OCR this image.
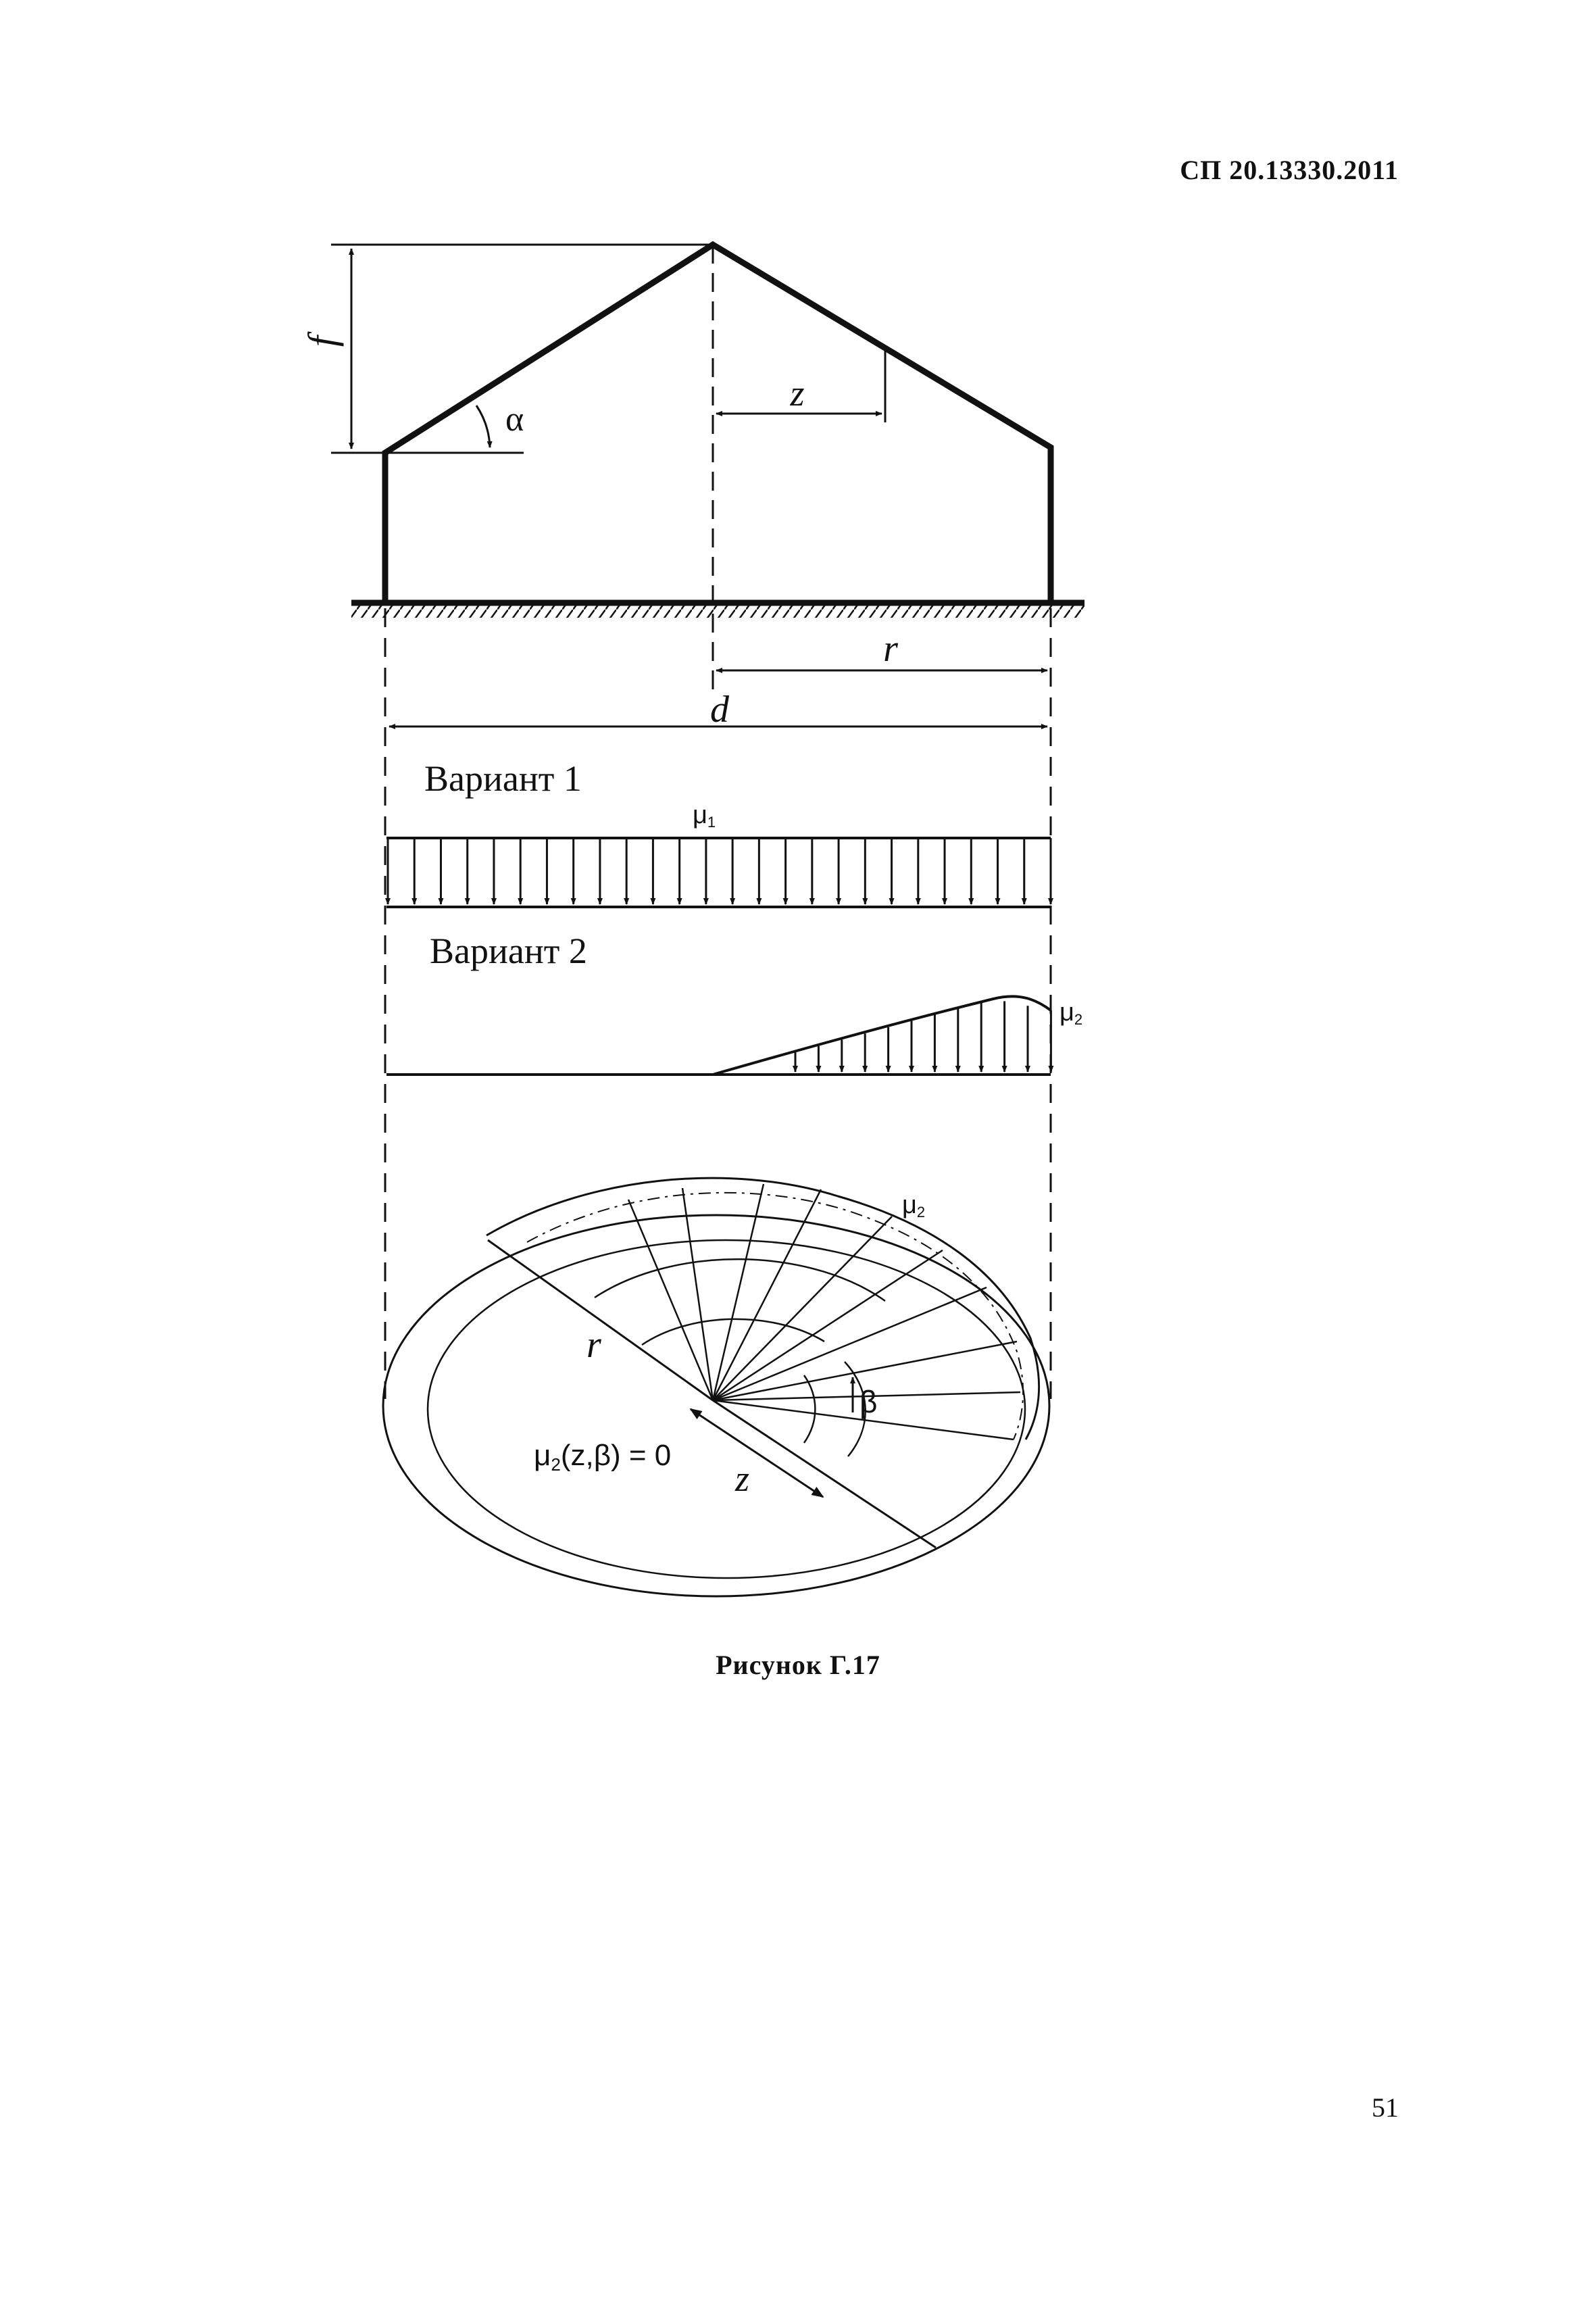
СП 20.13330.2011
f
α
z
r
d
Вариант 1
μ1
Вариант 2
μ2
μ2
r
β
z
μ2(z,β) = 0
Рисунок Г.17
51
